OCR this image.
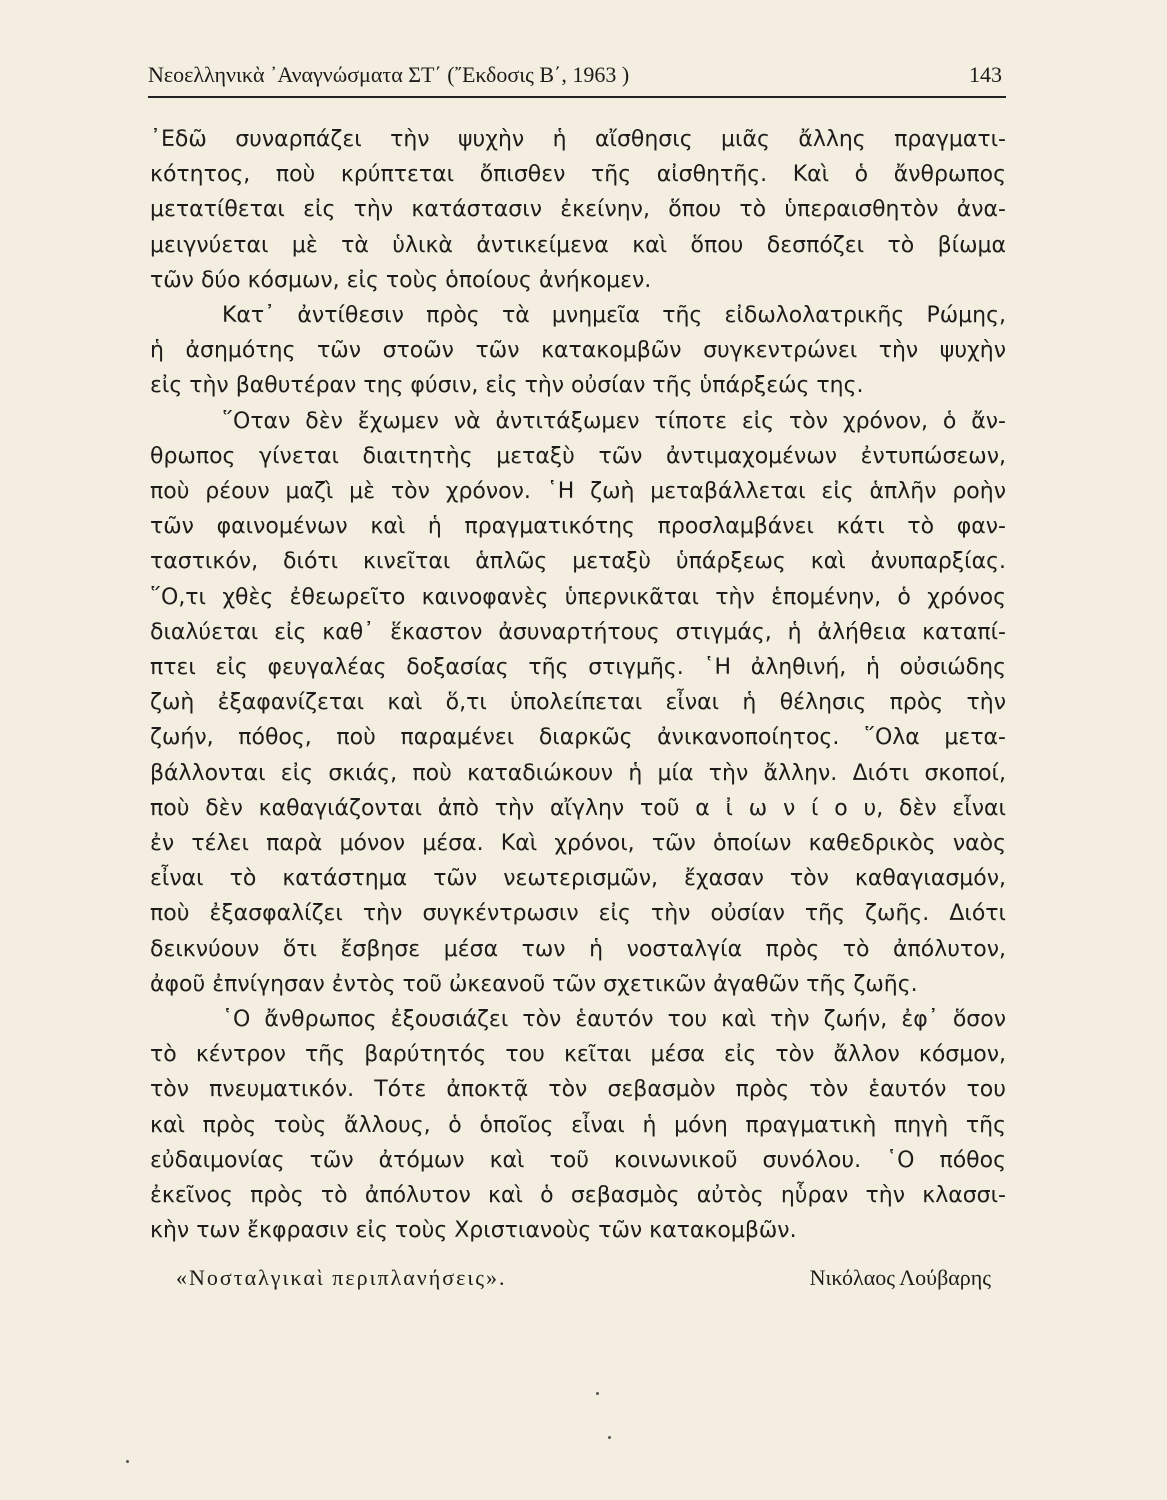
Νεοελληνικὰ ᾿Αναγνώσματα ΣΤ΄ (῎Εκδοσις Β΄, 1963 )	143

᾿Εδῶ συναρπάζει τὴν ψυχὴν ἡ αἴσθησις μιᾶς ἄλλης πραγματι-
κότητος, ποὺ κρύπτεται ὄπισθεν τῆς αἰσθητῆς. Καὶ ὁ ἄνθρωπος
μετατίθεται εἰς τὴν κατάστασιν ἐκείνην, ὅπου τὸ ὑπεραισθητὸν ἀνα-
μειγνύεται μὲ τὰ ὑλικὰ ἀντικείμενα καὶ ὅπου δεσπόζει τὸ βίωμα
τῶν δύο κόσμων, εἰς τοὺς ὁποίους ἀνήκομεν.

Κατ᾿ ἀντίθεσιν πρὸς τὰ μνημεῖα τῆς εἰδωλολατρικῆς Ρώμης,
ἡ ἀσημότης τῶν στοῶν τῶν κατακομβῶν συγκεντρώνει τὴν ψυχὴν
εἰς τὴν βαθυτέραν της φύσιν, εἰς τὴν οὐσίαν τῆς ὑπάρξεώς της.
῞Οταν δὲν ἔχωμεν νὰ ἀντιτάξωμεν τίποτε εἰς τὸν χρόνον, ὁ ἄν-
θρωπος γίνεται διαιτητὴς μεταξὺ τῶν ἀντιμαχομένων ἐντυπώσεων,
ποὺ ρέουν μαζὶ μὲ τὸν χρόνον. ῾Η ζωὴ μεταβάλλεται εἰς ἁπλῆν ροὴν
τῶν φαινομένων καὶ ἡ πραγματικότης προσλαμβάνει κάτι τὸ φαν-
ταστικόν, διότι κινεῖται ἁπλῶς μεταξὺ ὑπάρξεως καὶ ἀνυπαρξίας.
῞Ο,τι χθὲς ἐθεωρεῖτο καινοφανὲς ὑπερνικᾶται τὴν ἑπομένην, ὁ χρόνος
διαλύεται εἰς καθ᾿ ἕκαστον ἀσυναρτήτους στιγμάς, ἡ ἀλήθεια καταπί-
πτει εἰς φευγαλέας δοξασίας τῆς στιγμῆς. ῾Η ἀληθινή, ἡ οὐσιώδης
ζωὴ ἐξαφανίζεται καὶ ὅ,τι ὑπολείπεται εἶναι ἡ θέλησις πρὸς τὴν
ζωήν, πόθος, ποὺ παραμένει διαρκῶς ἀνικανοποίητος. ῞Ολα μετα-
βάλλονται εἰς σκιάς, ποὺ καταδιώκουν ἡ μία τὴν ἄλλην. Διότι σκοποί,
ποὺ δὲν καθαγιάζονται ἀπὸ τὴν αἴγλην τοῦ α ἰ ω ν ί ο υ, δὲν εἶναι
ἐν τέλει παρὰ μόνον μέσα. Καὶ χρόνοι, τῶν ὁποίων καθεδρικὸς ναὸς
εἶναι τὸ κατάστημα τῶν νεωτερισμῶν, ἔχασαν τὸν καθαγιασμόν,
ποὺ ἐξασφαλίζει τὴν συγκέντρωσιν εἰς τὴν οὐσίαν τῆς ζωῆς. Διότι
δεικνύουν ὅτι ἔσβησε μέσα των ἡ νοσταλγία πρὸς τὸ ἀπόλυτον,
ἀφοῦ ἐπνίγησαν ἐντὸς τοῦ ὠκεανοῦ τῶν σχετικῶν ἀγαθῶν τῆς ζωῆς.
῾Ο ἄνθρωπος ἐξουσιάζει τὸν ἑαυτόν του καὶ τὴν ζωήν, ἐφ᾿ ὅσον
τὸ κέντρον τῆς βαρύτητός του κεῖται μέσα εἰς τὸν ἄλλον κόσμον,
τὸν πνευματικόν. Τότε ἀποκτᾷ τὸν σεβασμὸν πρὸς τὸν ἑαυτόν του
καὶ πρὸς τοὺς ἄλλους, ὁ ὁποῖος εἶναι ἡ μόνη πραγματικὴ πηγὴ τῆς
εὐδαιμονίας τῶν ἀτόμων καὶ τοῦ κοινωνικοῦ συνόλου. ῾Ο πόθος
ἐκεῖνος πρὸς τὸ ἀπόλυτον καὶ ὁ σεβασμὸς αὐτὸς ηὗραν τὴν κλασσι-
κὴν των ἔκφρασιν εἰς τοὺς Χριστιανοὺς τῶν κατακομβῶν.
«Νοσταλγικαὶ περιπλανήσεις».	Νικόλαος Λούβαρης
